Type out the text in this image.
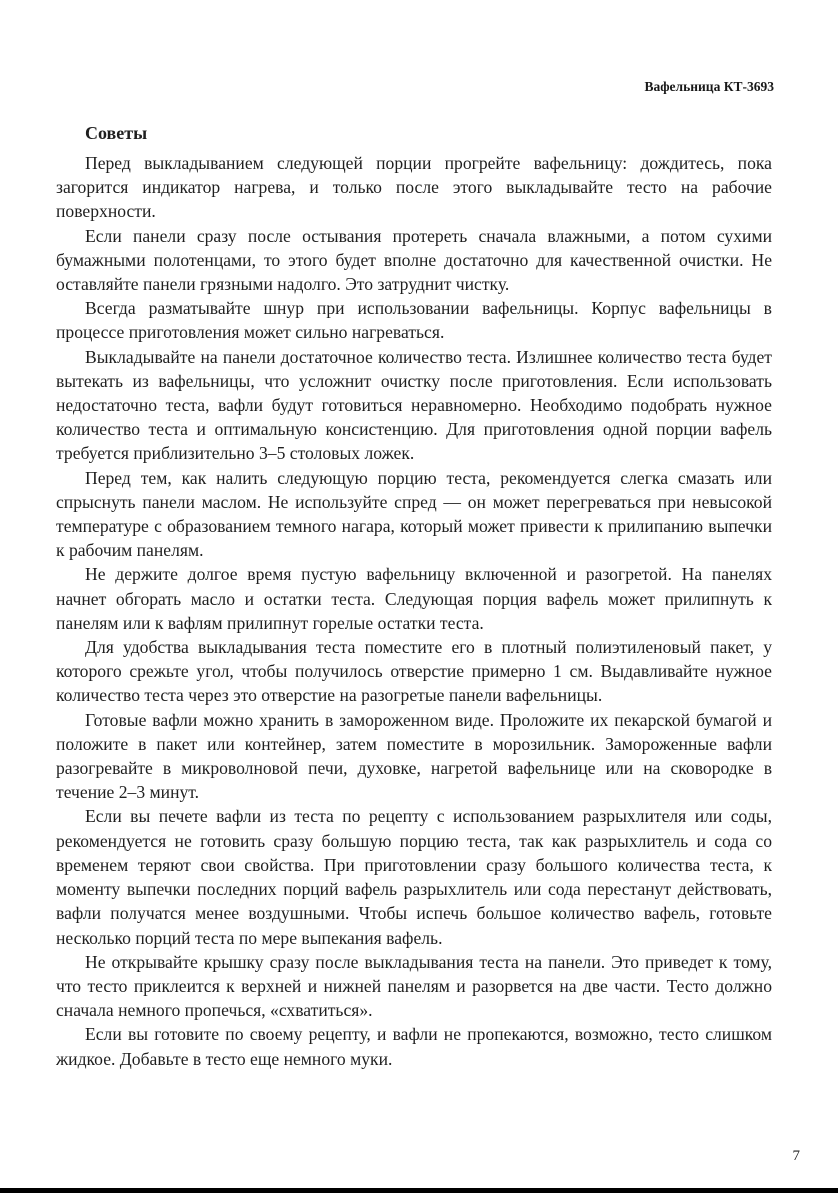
Вафельница КТ-3693
Советы

Перед выкладыванием следующей порции прогрейте вафельницу: дождитесь, пока загорится индикатор нагрева, и только после этого выкладывайте тесто на рабочие поверхности.

Если панели сразу после остывания протереть сначала влажными, а потом сухими бумажными полотенцами, то этого будет вполне достаточно для качественной очистки. Не оставляйте панели грязными надолго. Это затруднит чистку.

Всегда разматывайте шнур при использовании вафельницы. Корпус вафельницы в процессе приготовления может сильно нагреваться.

Выкладывайте на панели достаточное количество теста. Излишнее количество теста будет вытекать из вафельницы, что усложнит очистку после приготовления. Если использовать недостаточно теста, вафли будут готовиться неравномерно. Необходимо подобрать нужное количество теста и оптимальную консистенцию. Для приготовления одной порции вафель требуется приблизительно 3–5 столовых ложек.

Перед тем, как налить следующую порцию теста, рекомендуется слегка смазать или спрыснуть панели маслом. Не используйте спред — он может перегреваться при невысокой температуре с образованием темного нагара, который может привести к прилипанию выпечки к рабочим панелям.

Не держите долгое время пустую вафельницу включенной и разогретой. На панелях начнет обгорать масло и остатки теста. Следующая порция вафель может прилипнуть к панелям или к вафлям прилипнут горелые остатки теста.

Для удобства выкладывания теста поместите его в плотный полиэтиленовый пакет, у которого срежьте угол, чтобы получилось отверстие примерно 1 см. Выдавливайте нужное количество теста через это отверстие на разогретые панели вафельницы.

Готовые вафли можно хранить в замороженном виде. Проложите их пекарской бумагой и положите в пакет или контейнер, затем поместите в морозильник. Замороженные вафли разогревайте в микроволновой печи, духовке, нагретой вафельнице или на сковородке в течение 2–3 минут.

Если вы печете вафли из теста по рецепту с использованием разрыхлителя или соды, рекомендуется не готовить сразу большую порцию теста, так как разрыхлитель и сода со временем теряют свои свойства. При приготовлении сразу большого количества теста, к моменту выпечки последних порций вафель разрыхлитель или сода перестанут действовать, вафли получатся менее воздушными. Чтобы испечь большое количество вафель, готовьте несколько порций теста по мере выпекания вафель.

Не открывайте крышку сразу после выкладывания теста на панели. Это приведет к тому, что тесто приклеится к верхней и нижней панелям и разорвется на две части. Тесто должно сначала немного пропечься, «схватиться».

Если вы готовите по своему рецепту, и вафли не пропекаются, возможно, тесто слишком жидкое. Добавьте в тесто еще немного муки.

7
